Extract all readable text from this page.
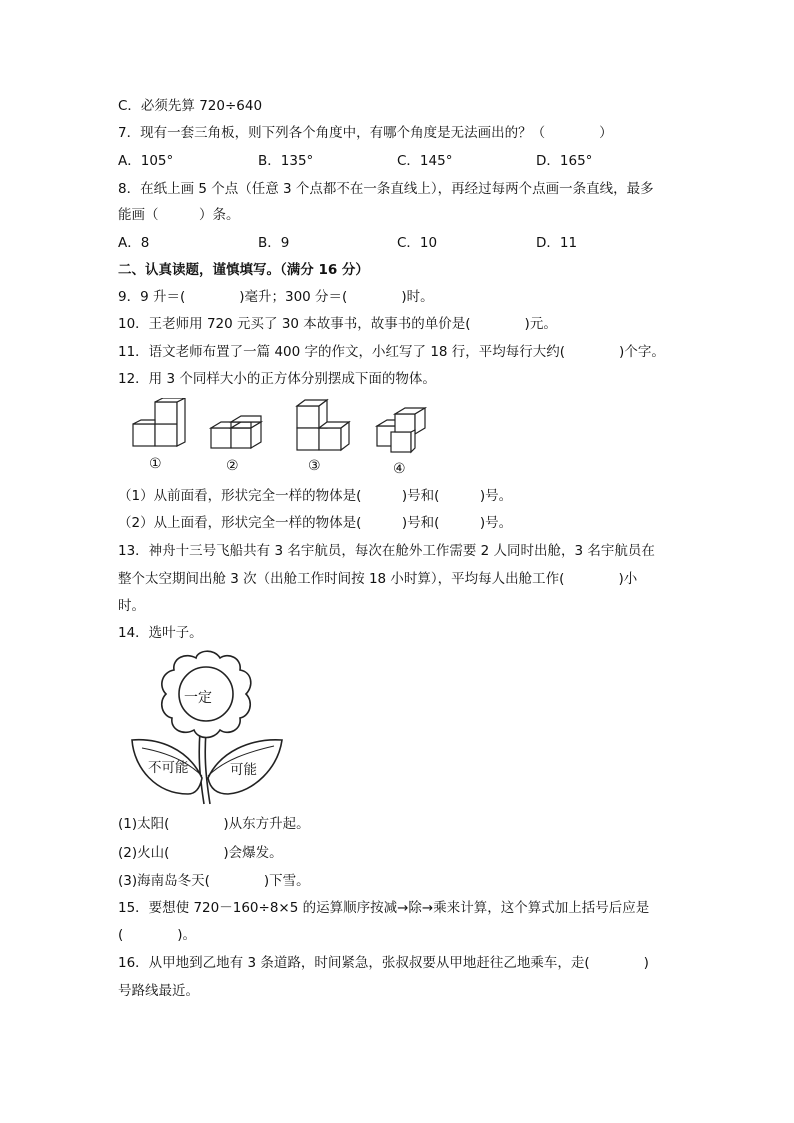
C．必须先算 720÷640
7．现有一套三角板，则下列各个角度中，有哪个角度是无法画出的？（　　　　）
A．105°	B．135°	C．145°	D．165°
8．在纸上画 5 个点（任意 3 个点都不在一条直线上），再经过每两个点画一条直线，最多
能画（　　　）条。
A．8	B．9	C．10	D．11
二、认真读题，谨慎填写。（满分 16 分）
9．9 升＝(　　　　)毫升；300 分＝(　　　　)时。
10．王老师用 720 元买了 30 本故事书，故事书的单价是(　　　　)元。
11．语文老师布置了一篇 400 字的作文，小红写了 18 行，平均每行大约(　　　　)个字。
12．用 3 个同样大小的正方体分别摆成下面的物体。
①	②	③	④
（1）从前面看，形状完全一样的物体是(　　　)号和(　　　)号。
（2）从上面看，形状完全一样的物体是(　　　)号和(　　　)号。
13．神舟十三号飞船共有 3 名宇航员，每次在舱外工作需要 2 人同时出舱，3 名宇航员在
整个太空期间出舱 3 次（出舱工作时间按 18 小时算），平均每人出舱工作(　　　　)小
时。
14．选叶子。
一定
不可能	可能
(1)太阳(　　　　)从东方升起。
(2)火山(　　　　)会爆发。
(3)海南岛冬天(　　　　)下雪。
15．要想使 720－160÷8×5 的运算顺序按减→除→乘来计算，这个算式加上括号后应是
(　　　　)。
16．从甲地到乙地有 3 条道路，时间紧急，张叔叔要从甲地赶往乙地乘车，走(　　　　)
号路线最近。
